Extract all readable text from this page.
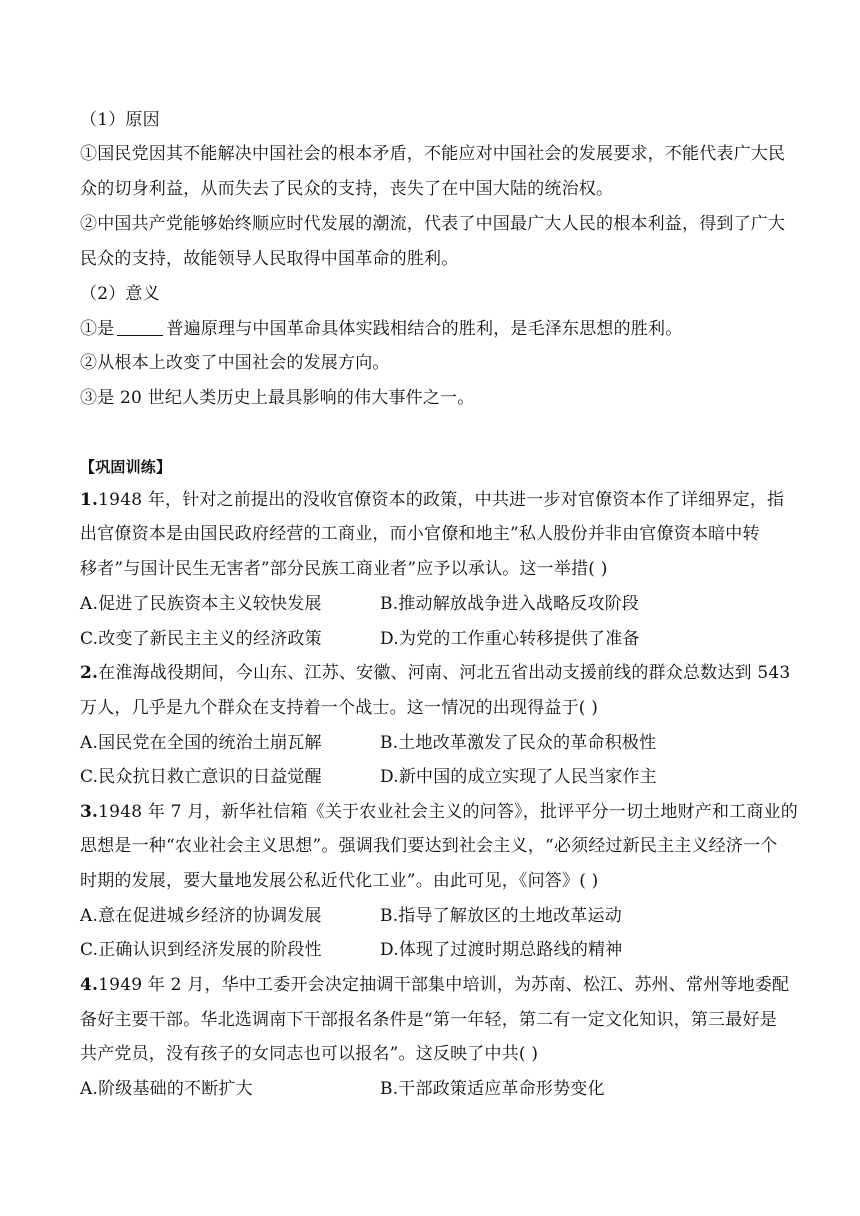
（1）原因
①国民党因其不能解决中国社会的根本矛盾，不能应对中国社会的发展要求，不能代表广大民
众的切身利益，从而失去了民众的支持，丧失了在中国大陆的统治权。
②中国共产党能够始终顺应时代发展的潮流，代表了中国最广大人民的根本利益，得到了广大
民众的支持，故能领导人民取得中国革命的胜利。
（2）意义
①是	普遍原理与中国革命具体实践相结合的胜利，是毛泽东思想的胜利。
②从根本上改变了中国社会的发展方向。
③是 20 世纪人类历史上最具影响的伟大事件之一。
【巩固训练】
1.1948 年，针对之前提出的没收官僚资本的政策，中共进一步对官僚资本作了详细界定，指
出官僚资本是由国民政府经营的工商业，而小官僚和地主”私人股份并非由官僚资本暗中转
移者”与国计民生无害者”部分民族工商业者”应予以承认。这一举措( )
A.促进了民族资本主义较快发展	B.推动解放战争进入战略反攻阶段
C.改变了新民主主义的经济政策	D.为党的工作重心转移提供了准备
2.在淮海战役期间，今山东、江苏、安徽、河南、河北五省出动支援前线的群众总数达到 543
万人，几乎是九个群众在支持着一个战士。这一情况的出现得益于( )
A.国民党在全国的统治土崩瓦解	B.土地改革激发了民众的革命积极性
C.民众抗日救亡意识的日益觉醒	D.新中国的成立实现了人民当家作主
3.1948 年 7 月，新华社信箱《关于农业社会主义的问答》，批评平分一切土地财产和工商业的
思想是一种“农业社会主义思想”。强调我们要达到社会主义，“必须经过新民主主义经济一个
时期的发展，要大量地发展公私近代化工业”。由此可见，《问答》( )
A.意在促进城乡经济的协调发展	B.指导了解放区的土地改革运动
C.正确认识到经济发展的阶段性	D.体现了过渡时期总路线的精神
4.1949 年 2 月，华中工委开会决定抽调干部集中培训，为苏南、松江、苏州、常州等地委配
备好主要干部。华北选调南下干部报名条件是“第一年轻，第二有一定文化知识，第三最好是
共产党员，没有孩子的女同志也可以报名”。这反映了中共( )
A.阶级基础的不断扩大	B.干部政策适应革命形势变化
